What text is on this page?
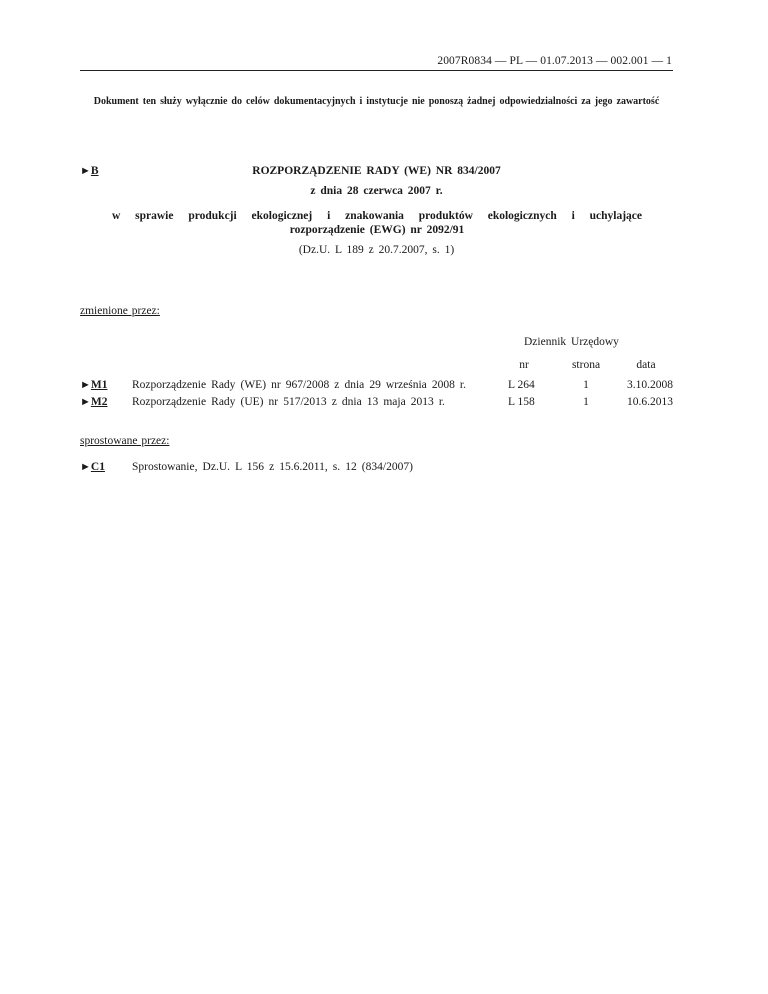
2007R0834 — PL — 01.07.2013 — 002.001 — 1
Dokument ten służy wyłącznie do celów dokumentacyjnych i instytucje nie ponoszą żadnej odpowiedzialności za jego zawartość
►B	ROZPORZĄDZENIE RADY (WE) NR 834/2007
z dnia 28 czerwca 2007 r.
w sprawie produkcji ekologicznej i znakowania produktów ekologicznych i uchylające
rozporządzenie (EWG) nr 2092/91
(Dz.U. L 189 z 20.7.2007, s. 1)
zmienione przez:
Dziennik Urzędowy
nr	strona	data
►M1 Rozporządzenie Rady (WE) nr 967/2008 z dnia 29 września 2008 r.	L 264	1	3.10.2008
►M2 Rozporządzenie Rady (UE) nr 517/2013 z dnia 13 maja 2013 r.	L 158	1	10.6.2013
sprostowane przez:
►C1 Sprostowanie, Dz.U. L 156 z 15.6.2011, s. 12 (834/2007)
